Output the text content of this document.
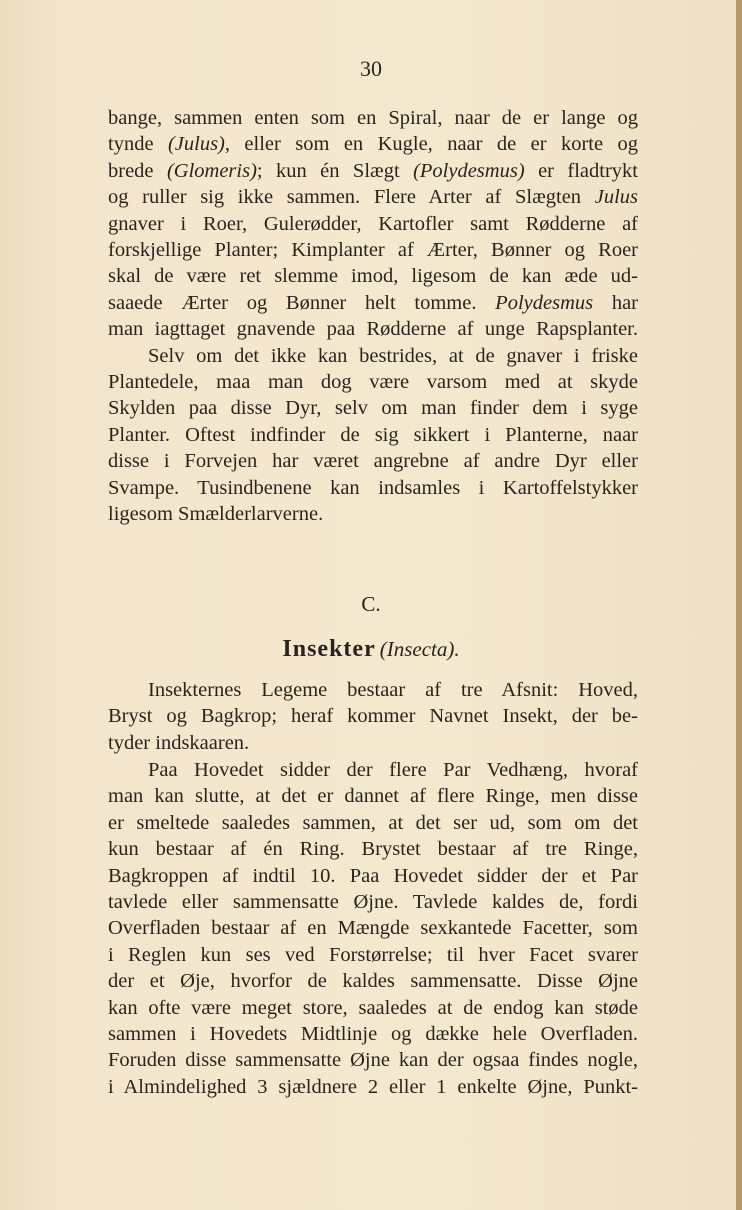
30
bange, sammen enten som en Spiral, naar de er lange og
tynde (Julus), eller som en Kugle, naar de er korte og
brede (Glomeris); kun én Slægt (Polydesmus) er fladtrykt
og ruller sig ikke sammen. Flere Arter af Slægten Julus
gnaver i Roer, Gulerødder, Kartofler samt Rødderne af
forskjellige Planter; Kimplanter af Ærter, Bønner og Roer
skal de være ret slemme imod, ligesom de kan æde ud-
saaede Ærter og Bønner helt tomme. Polydesmus har
man iagttaget gnavende paa Rødderne af unge Rapsplanter.
Selv om det ikke kan bestrides, at de gnaver i friske
Plantedele, maa man dog være varsom med at skyde
Skylden paa disse Dyr, selv om man finder dem i syge
Planter. Oftest indfinder de sig sikkert i Planterne, naar
disse i Forvejen har været angrebne af andre Dyr eller
Svampe. Tusindbenene kan indsamles i Kartoffelstykker
ligesom Smælderlarverne.
C.
Insekter (Insecta).
Insekternes Legeme bestaar af tre Afsnit: Hoved,
Bryst og Bagkrop; heraf kommer Navnet Insekt, der be-
tyder indskaaren.
Paa Hovedet sidder der flere Par Vedhæng, hvoraf
man kan slutte, at det er dannet af flere Ringe, men disse
er smeltede saaledes sammen, at det ser ud, som om det
kun bestaar af én Ring. Brystet bestaar af tre Ringe,
Bagkroppen af indtil 10. Paa Hovedet sidder der et Par
tavlede eller sammensatte Øjne. Tavlede kaldes de, fordi
Overfladen bestaar af en Mængde sexkantede Facetter, som
i Reglen kun ses ved Forstørrelse; til hver Facet svarer
der et Øje, hvorfor de kaldes sammensatte. Disse Øjne
kan ofte være meget store, saaledes at de endog kan støde
sammen i Hovedets Midtlinje og dække hele Overfladen.
Foruden disse sammensatte Øjne kan der ogsaa findes nogle,
i Almindelighed 3 sjældnere 2 eller 1 enkelte Øjne, Punkt-
